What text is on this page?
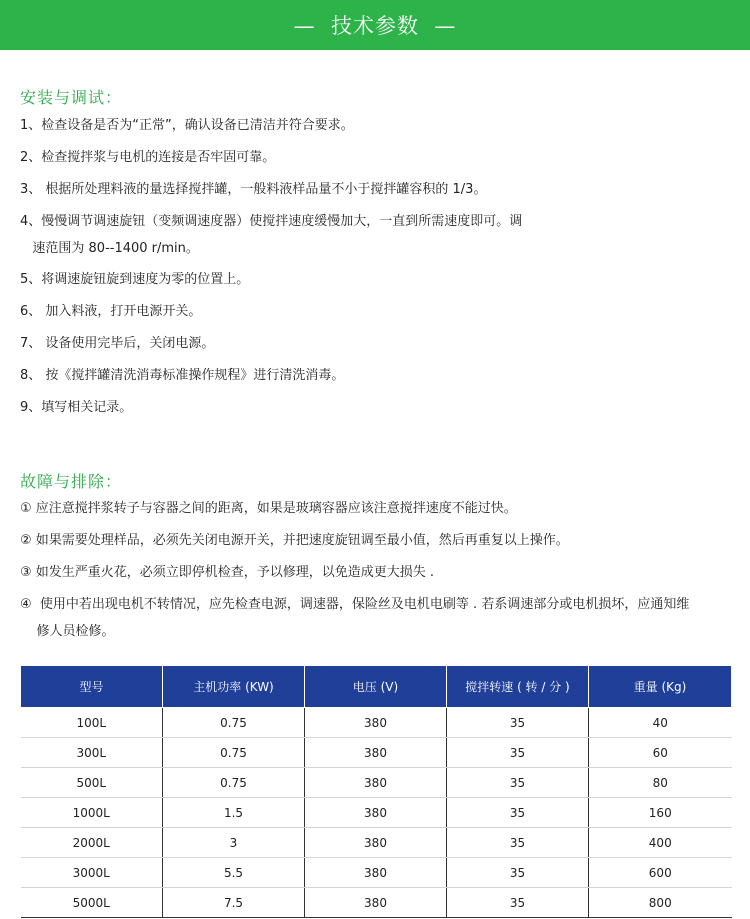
—  技术参数  —
安装与调试：
1、检查设备是否为“正常”，确认设备已清洁并符合要求。
2、检查搅拌浆与电机的连接是否牢固可靠。
3、 根据所处理料液的量选择搅拌罐，一般料液样品量不小于搅拌罐容积的 1/3。
4、慢慢调节调速旋钮（变频调速度器）使搅拌速度缓慢加大，一直到所需速度即可。调
速范围为 80--1400 r/min。
5、将调速旋钮旋到速度为零的位置上。
6、 加入料液，打开电源开关。
7、 设备使用完毕后，关闭电源。
8、 按《搅拌罐清洗消毒标准操作规程》进行清洗消毒。
9、填写相关记录。
故障与排除：
① 应注意搅拌浆转子与容器之间的距离，如果是玻璃容器应该注意搅拌速度不能过快。
② 如果需要处理样品，必须先关闭电源开关，并把速度旋钮调至最小值，然后再重复以上操作。
③ 如发生严重火花，必须立即停机检查，予以修理，以免造成更大损失 .
④  使用中若出现电机不转情况，应先检查电源，调速器，保险丝及电机电刷等 . 若系调速部分或电机损坏，应通知维
修人员检修。
型号	主机功率 (KW)	电压 (V)	搅拌转速 ( 转 / 分 )	重量 (Kg)
100L	0.75	380	35	40
300L	0.75	380	35	60
500L	0.75	380	35	80
1000L	1.5	380	35	160
2000L	3	380	35	400
3000L	5.5	380	35	600
5000L	7.5	380	35	800
